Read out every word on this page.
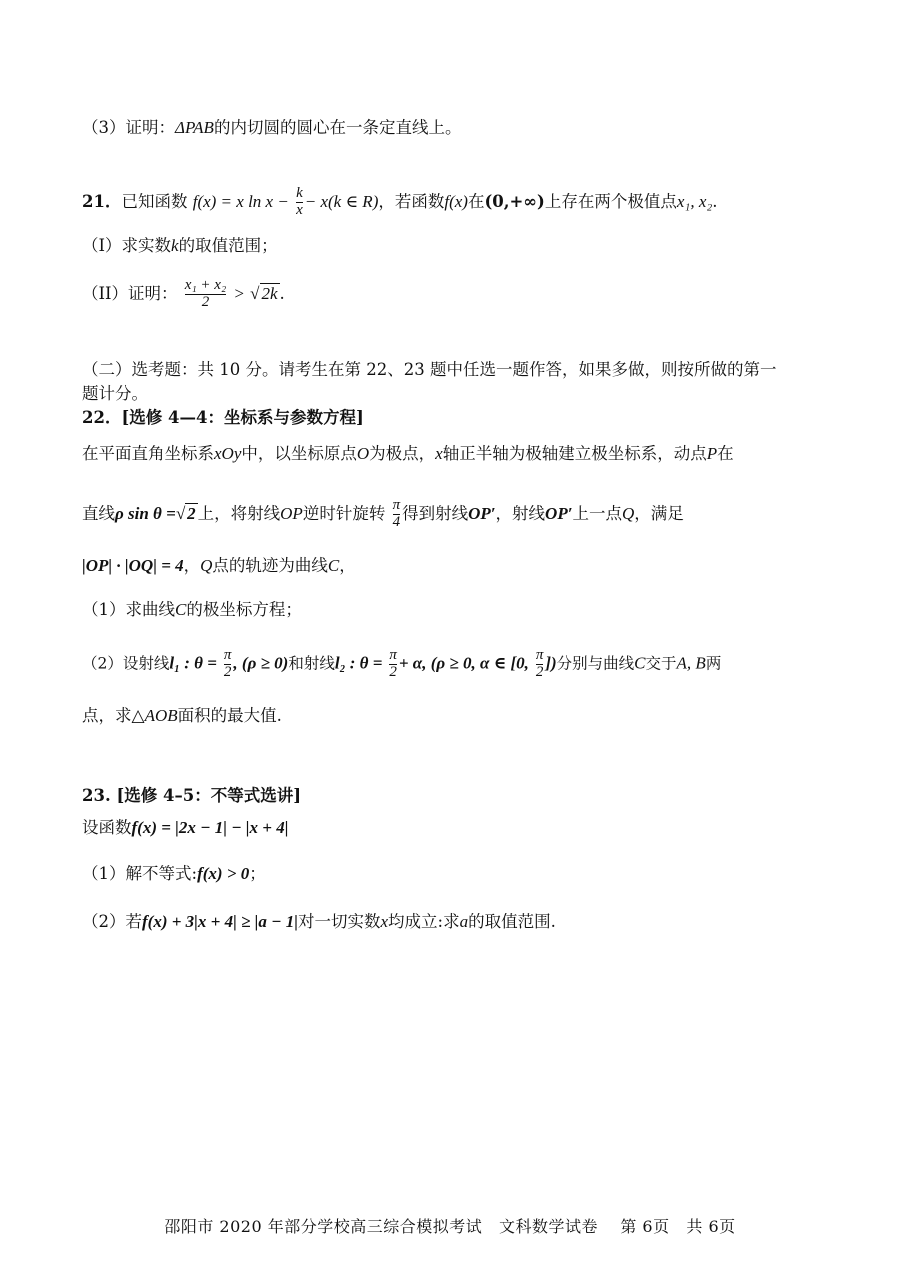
（3）证明：ΔPAB的内切圆的圆心在一条定直线上。
21．已知函数 f(x) = x $\ln x - \frac{k}{x} - x(k$ ∈ R)，若函数f(x)在(0,+∞)上存在两个极值点x₁, x₂.
（I）求实数k的取值范围；
（II）证明： $\frac{\text{x₁ + x₂}}{2}$ > √ 2k .
（二）选考题：共 10 分。请考生在第 22、23 题中任选一题作答，如果多做，则按所做的第一
题计分。
22．[选修 4—4：坐标系与参数方程]
在平面直角坐标系xOy中，以坐标原点O为极点，x轴正半轴为极轴建立极坐标系，动点P在
直线ρ sin θ =√ 2 上，将射线OP逆时针旋转 $\frac{\pi}{4}$ 得到射线OP′，射线OP′上一点Q，满足
|OP| · |OQ| = 4，Q点的轨迹为曲线C，
（1）求曲线C的极坐标方程；
（2）设射线l₁ : $\theta = \frac{\pi}{2}$ , (ρ ≥ 0)和射线l₂ : $\theta = \frac{\pi}{2} + \alpha$, (ρ ≥ 0, α ∈ [0, $\frac{\pi}{2}$ ])分别与曲线C交于A, B两
点，求△AOB面积的最大值.
23. [选修 4–5：不等式选讲]
设函数f(x) = |2x − 1| − |x + 4|
（1）解不等式:f(x) > 0；
（2）若f(x) + 3|x + 4| ≥ |a − 1|对一切实数x均成立:求a的取值范围.
邵阳市 2020 年部分学校高三综合模拟考试   文科数学试卷    第 6页   共 6页
